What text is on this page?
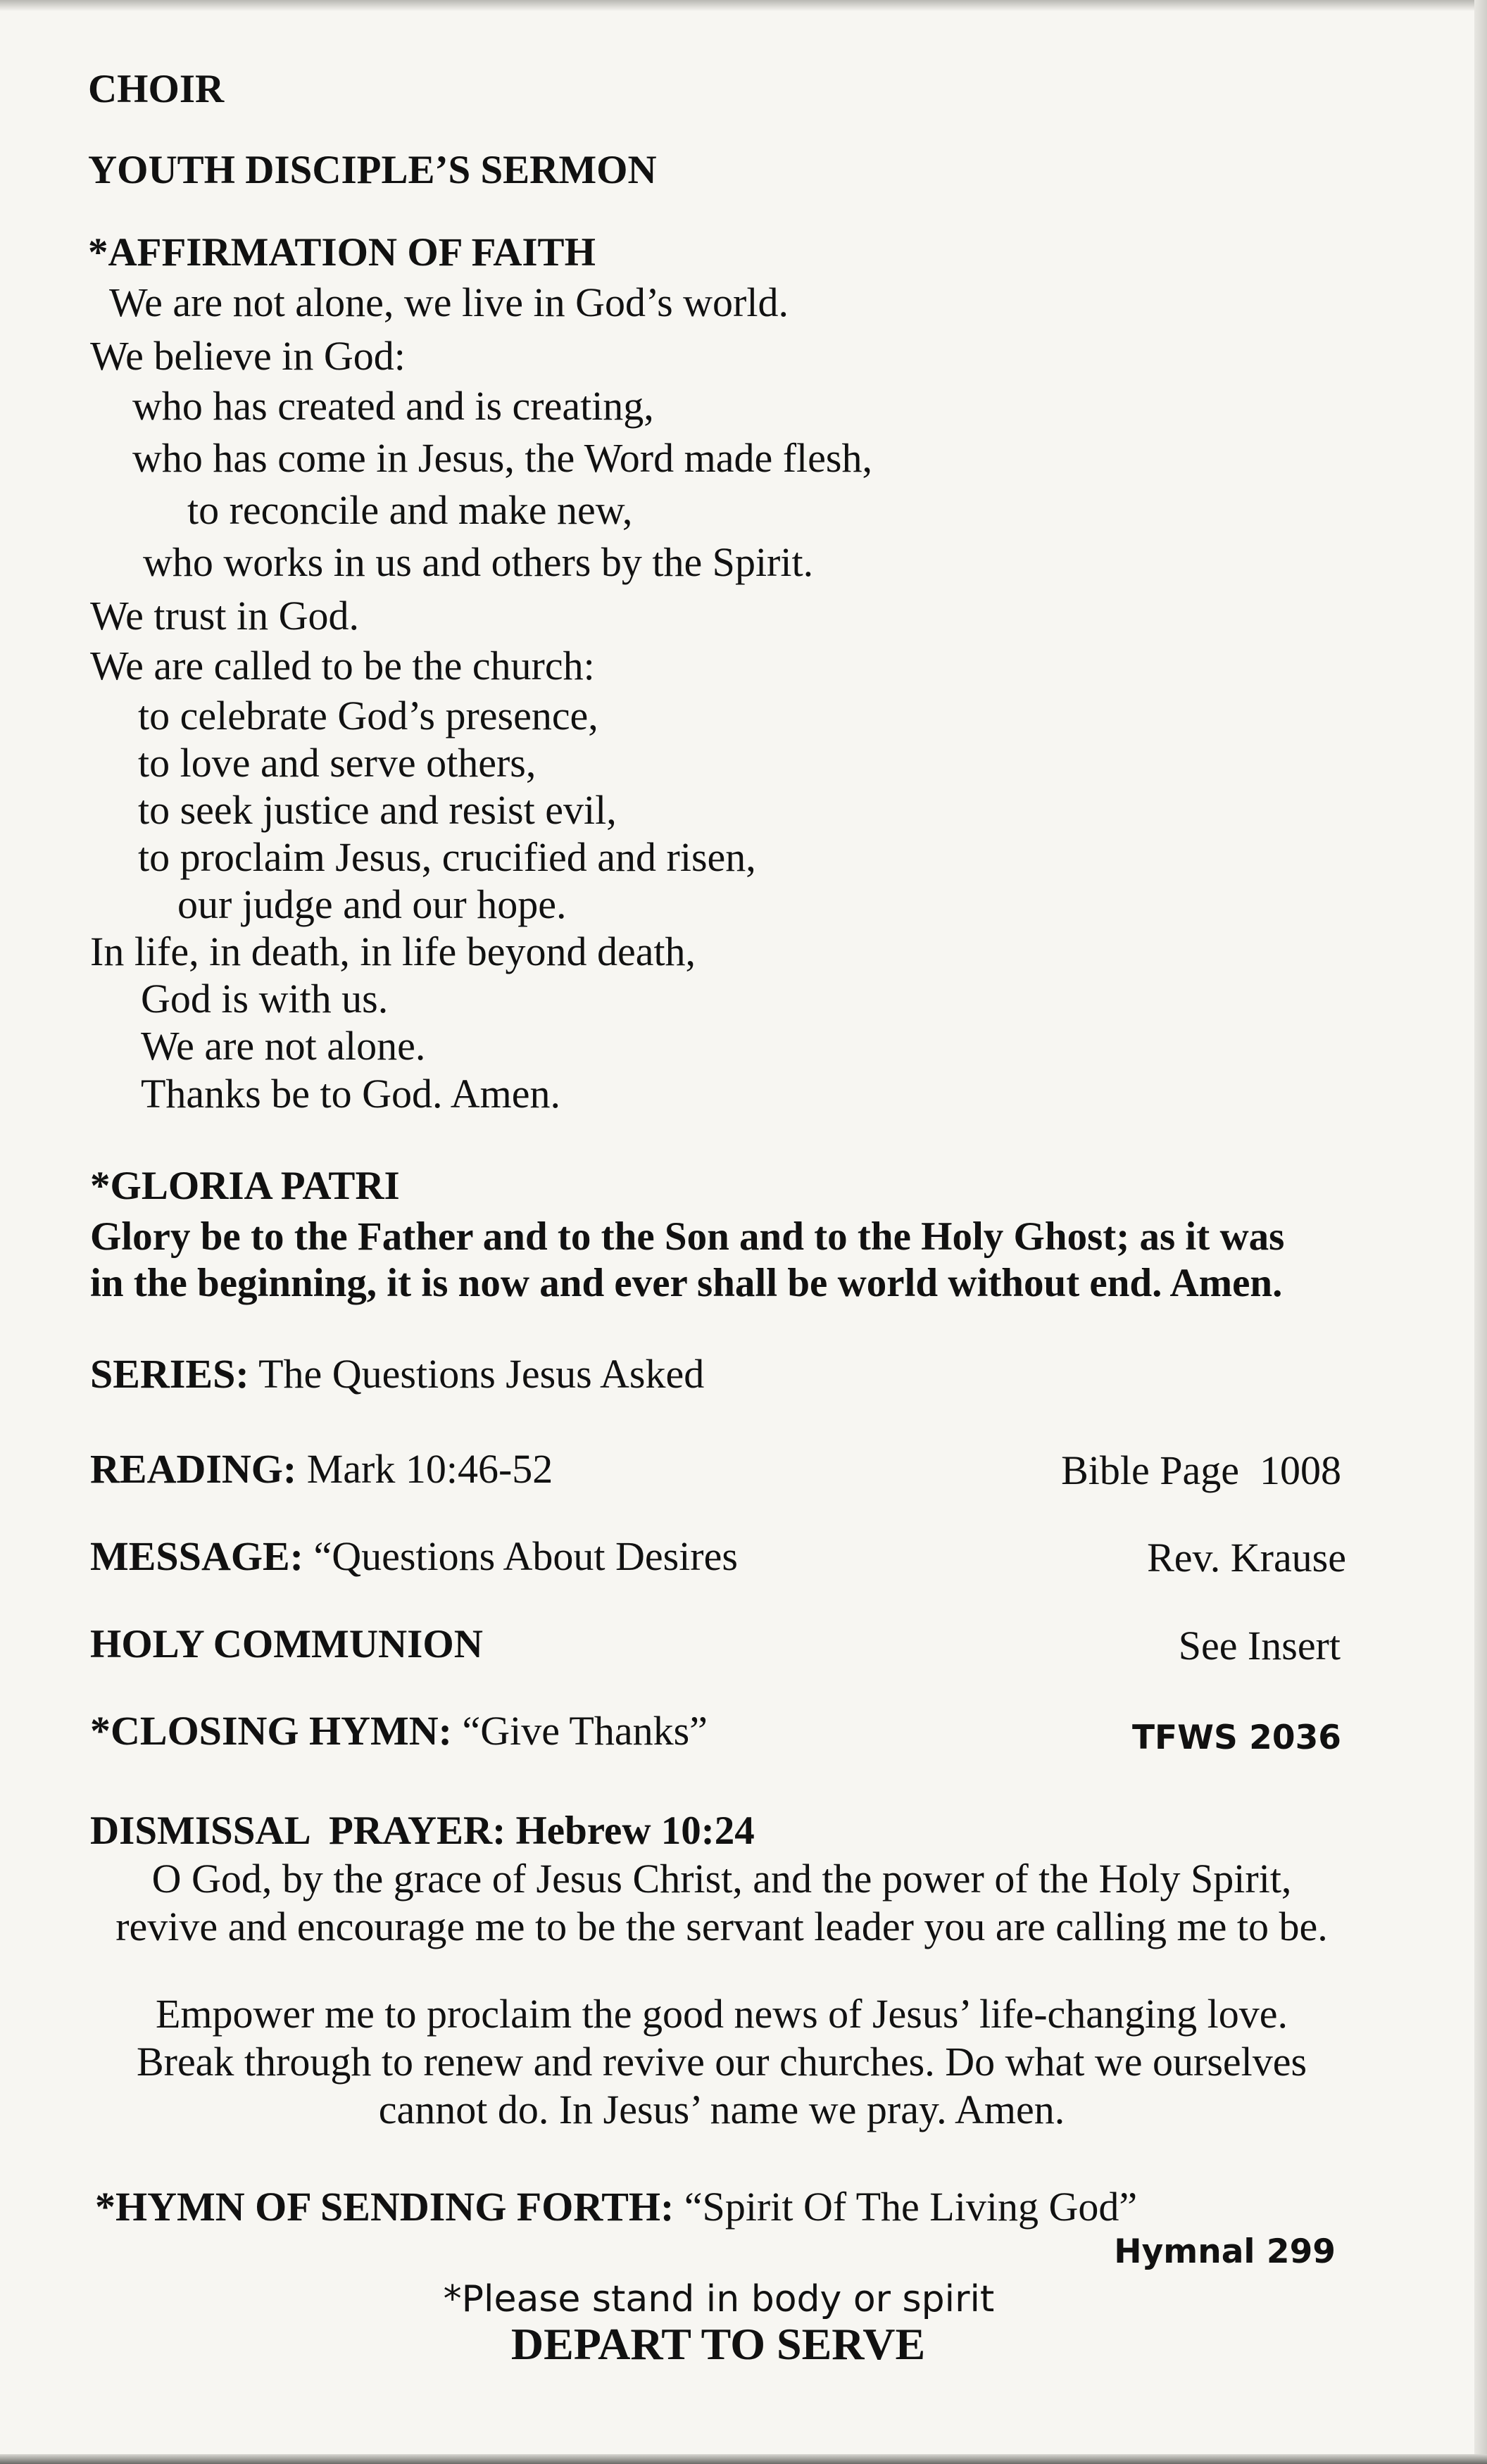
CHOIR
YOUTH DISCIPLE’S SERMON
*AFFIRMATION OF FAITH
We are not alone, we live in God’s world.
We believe in God:
who has created and is creating,
who has come in Jesus, the Word made flesh,
to reconcile and make new,
who works in us and others by the Spirit.
We trust in God.
We are called to be the church:
to celebrate God’s presence,
to love and serve others,
to seek justice and resist evil,
to proclaim Jesus, crucified and risen,
our judge and our hope.
In life, in death, in life beyond death,
God is with us.
We are not alone.
Thanks be to God. Amen.
*GLORIA PATRI
Glory be to the Father and to the Son and to the Holy Ghost; as it was
in the beginning, it is now and ever shall be world without end. Amen.
SERIES: The Questions Jesus Asked
READING: Mark 10:46-52	Bible Page  1008
MESSAGE: “Questions About Desires	Rev. Krause
HOLY COMMUNION	See Insert
*CLOSING HYMN: “Give Thanks”	TFWS 2036
DISMISSAL  PRAYER: Hebrew 10:24
O God, by the grace of Jesus Christ, and the power of the Holy Spirit,
revive and encourage me to be the servant leader you are calling me to be.
Empower me to proclaim the good news of Jesus’ life-changing love.
Break through to renew and revive our churches. Do what we ourselves
cannot do. In Jesus’ name we pray. Amen.
*HYMN OF SENDING FORTH: “Spirit Of The Living God”
Hymnal 299
*Please stand in body or spirit
DEPART TO SERVE
